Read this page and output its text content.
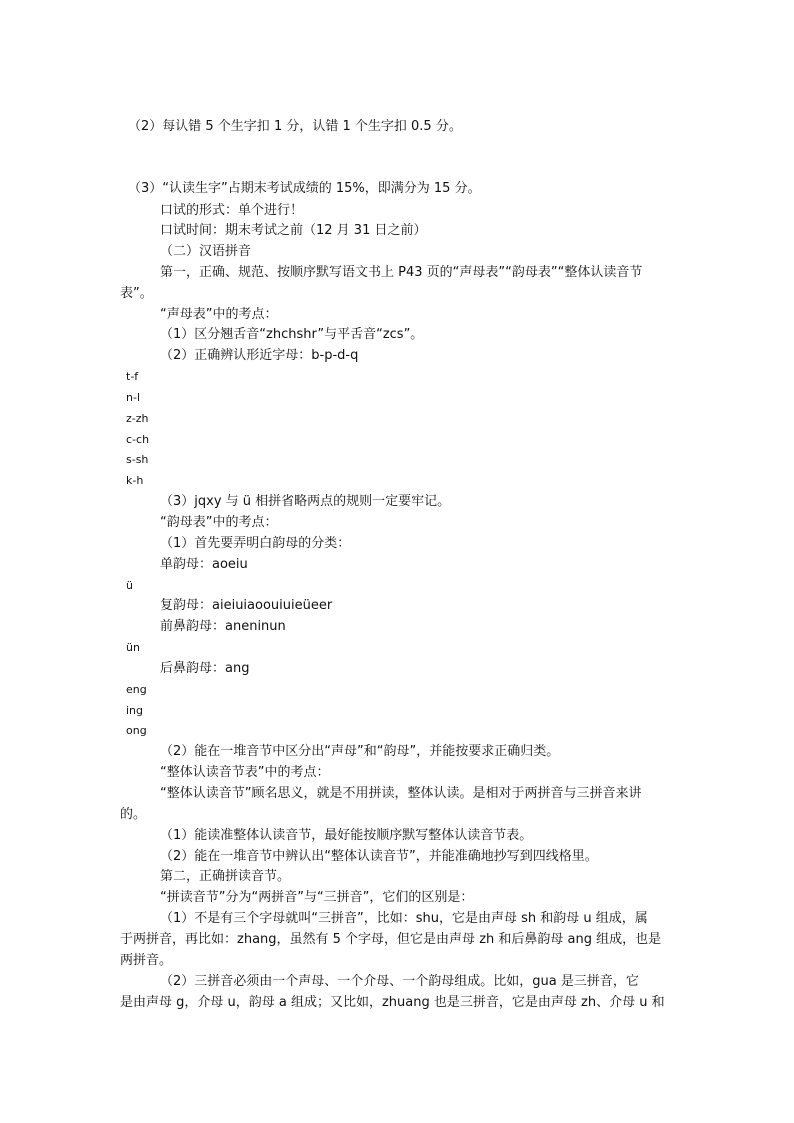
（2）每认错 5 个生字扣 1 分，认错 1 个生字扣 0.5 分。
（3）“认读生字”占期末考试成绩的 15%，即满分为 15 分。
口试的形式：单个进行！
口试时间：期末考试之前（12 月 31 日之前）
（二）汉语拼音
第一，正确、规范、按顺序默写语文书上 P43 页的“声母表”“韵母表”“整体认读音节
表”。
“声母表”中的考点：
（1）区分翘舌音“zhchshr”与平舌音“zcs”。
（2）正确辨认形近字母：b-p-d-q
t-f
n-l
z-zh
c-ch
s-sh
k-h
（3）jqxy 与 ü 相拼省略两点的规则一定要牢记。
“韵母表”中的考点：
（1）首先要弄明白韵母的分类：
单韵母：aoeiu
ü
复韵母：aieiuiaoouiuieüeer
前鼻韵母：aneninun
ün
后鼻韵母：ang
eng
ing
ong
（2）能在一堆音节中区分出“声母”和“韵母”，并能按要求正确归类。
“整体认读音节表”中的考点：
“整体认读音节”顾名思义，就是不用拼读，整体认读。是相对于两拼音与三拼音来讲
的。
（1）能读准整体认读音节，最好能按顺序默写整体认读音节表。
（2）能在一堆音节中辨认出“整体认读音节”，并能准确地抄写到四线格里。
第二，正确拼读音节。
“拼读音节”分为“两拼音”与“三拼音”，它们的区别是：
（1）不是有三个字母就叫“三拼音”，比如：shu，它是由声母 sh 和韵母 u 组成，属
于两拼音，再比如：zhang，虽然有 5 个字母，但它是由声母 zh 和后鼻韵母 ang 组成，也是
两拼音。
（2）三拼音必须由一个声母、一个介母、一个韵母组成。比如，gua 是三拼音，它
是由声母 g，介母 u，韵母 a 组成；又比如，zhuang 也是三拼音，它是由声母 zh、介母 u 和
